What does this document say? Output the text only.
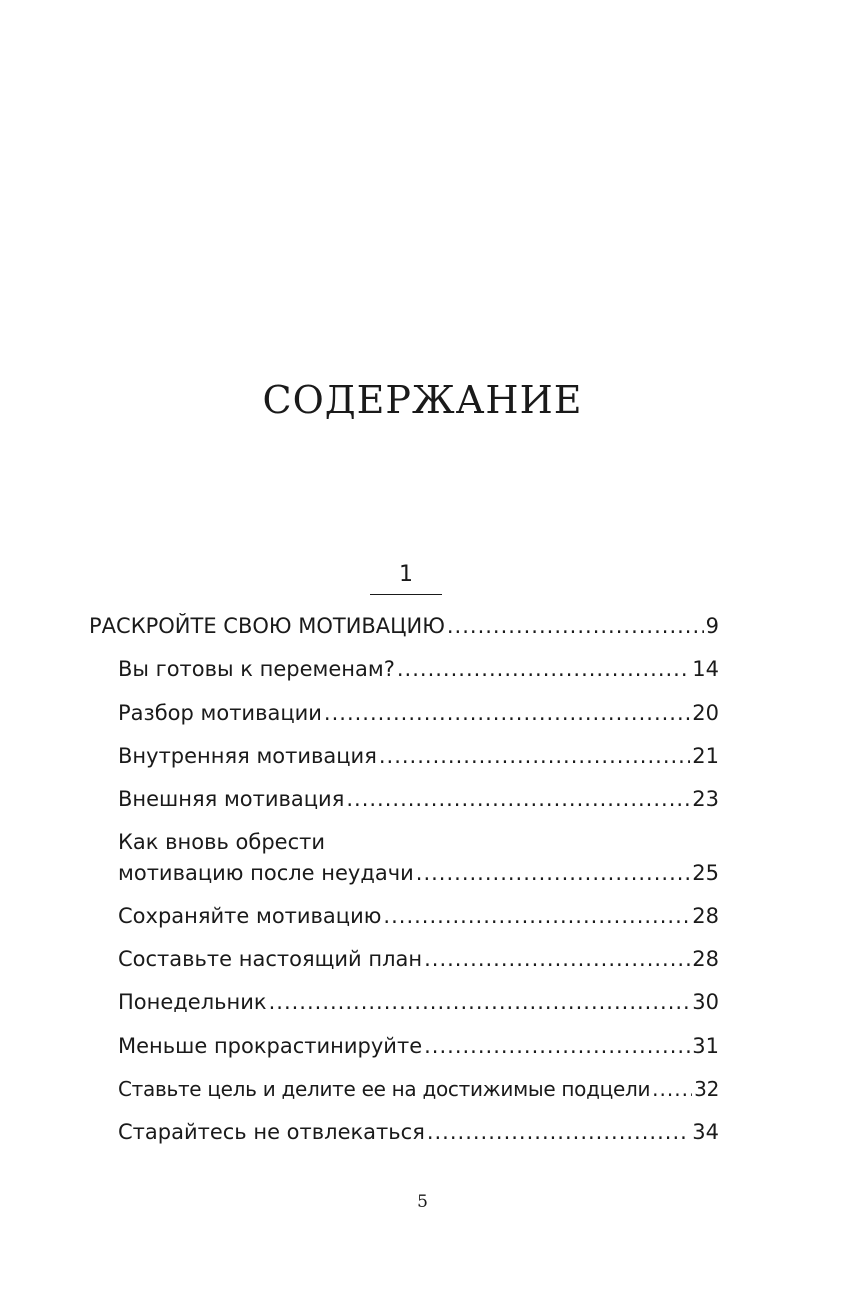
СОДЕРЖАНИЕ
1
РАСКРОЙТЕ СВОЮ МОТИВАЦИЮ .....	9
Вы готовы к переменам? .....	14
Разбор мотивации .....	20
Внутренняя мотивация .....	21
Внешняя мотивация .....	23
Как вновь обрести
мотивацию после неудачи .....	25
Сохраняйте мотивацию .....	28
Составьте настоящий план .....	28
Понедельник .....	30
Меньше прокрастинируйте .....	31
Ставьте цель и делите ее на достижимые подцели ..... 32
Старайтесь не отвлекаться .....	34
5
